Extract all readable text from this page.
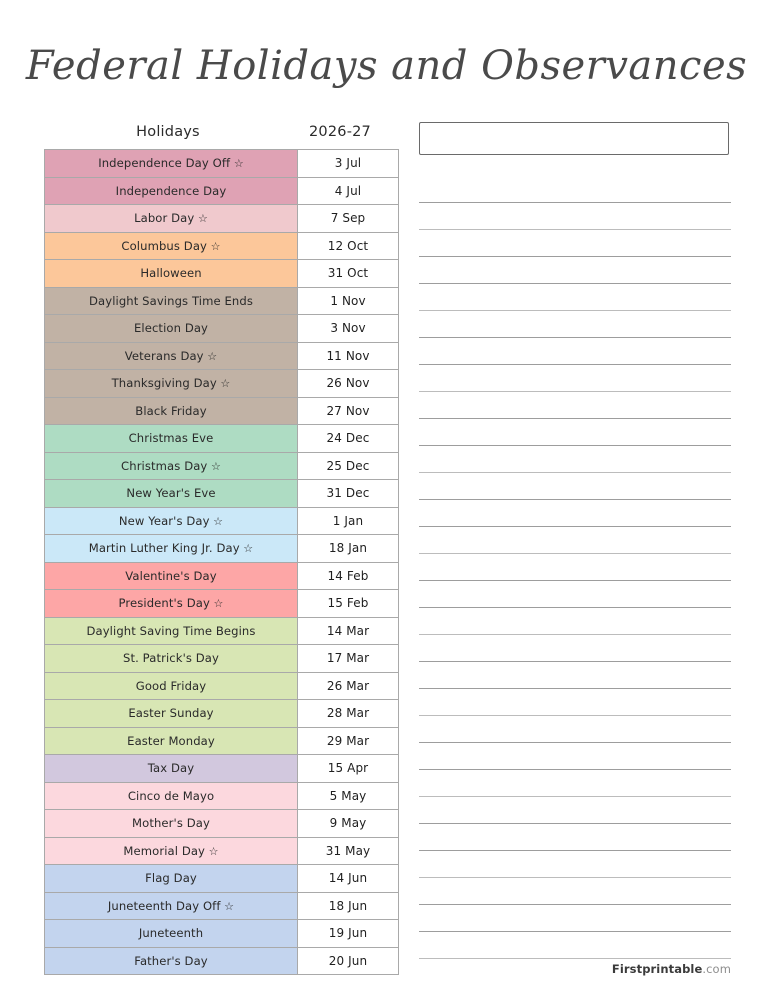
Federal Holidays and Observances
Holidays	2026-27
Independence Day Off ☆	3 Jul
Independence Day	4 Jul
Labor Day ☆	7 Sep
Columbus Day ☆	12 Oct
Halloween	31 Oct
Daylight Savings Time Ends	1 Nov
Election Day	3 Nov
Veterans Day ☆	11 Nov
Thanksgiving Day ☆	26 Nov
Black Friday	27 Nov
Christmas Eve	24 Dec
Christmas Day ☆	25 Dec
New Year's Eve	31 Dec
New Year's Day ☆	1 Jan
Martin Luther King Jr. Day ☆	18 Jan
Valentine's Day	14 Feb
President's Day ☆	15 Feb
Daylight Saving Time Begins	14 Mar
St. Patrick's Day	17 Mar
Good Friday	26 Mar
Easter Sunday	28 Mar
Easter Monday	29 Mar
Tax Day	15 Apr
Cinco de Mayo	5 May
Mother's Day	9 May
Memorial Day ☆	31 May
Flag Day	14 Jun
Juneteenth Day Off ☆	18 Jun
Juneteenth	19 Jun
Father's Day	20 Jun
Firstprintable.com
